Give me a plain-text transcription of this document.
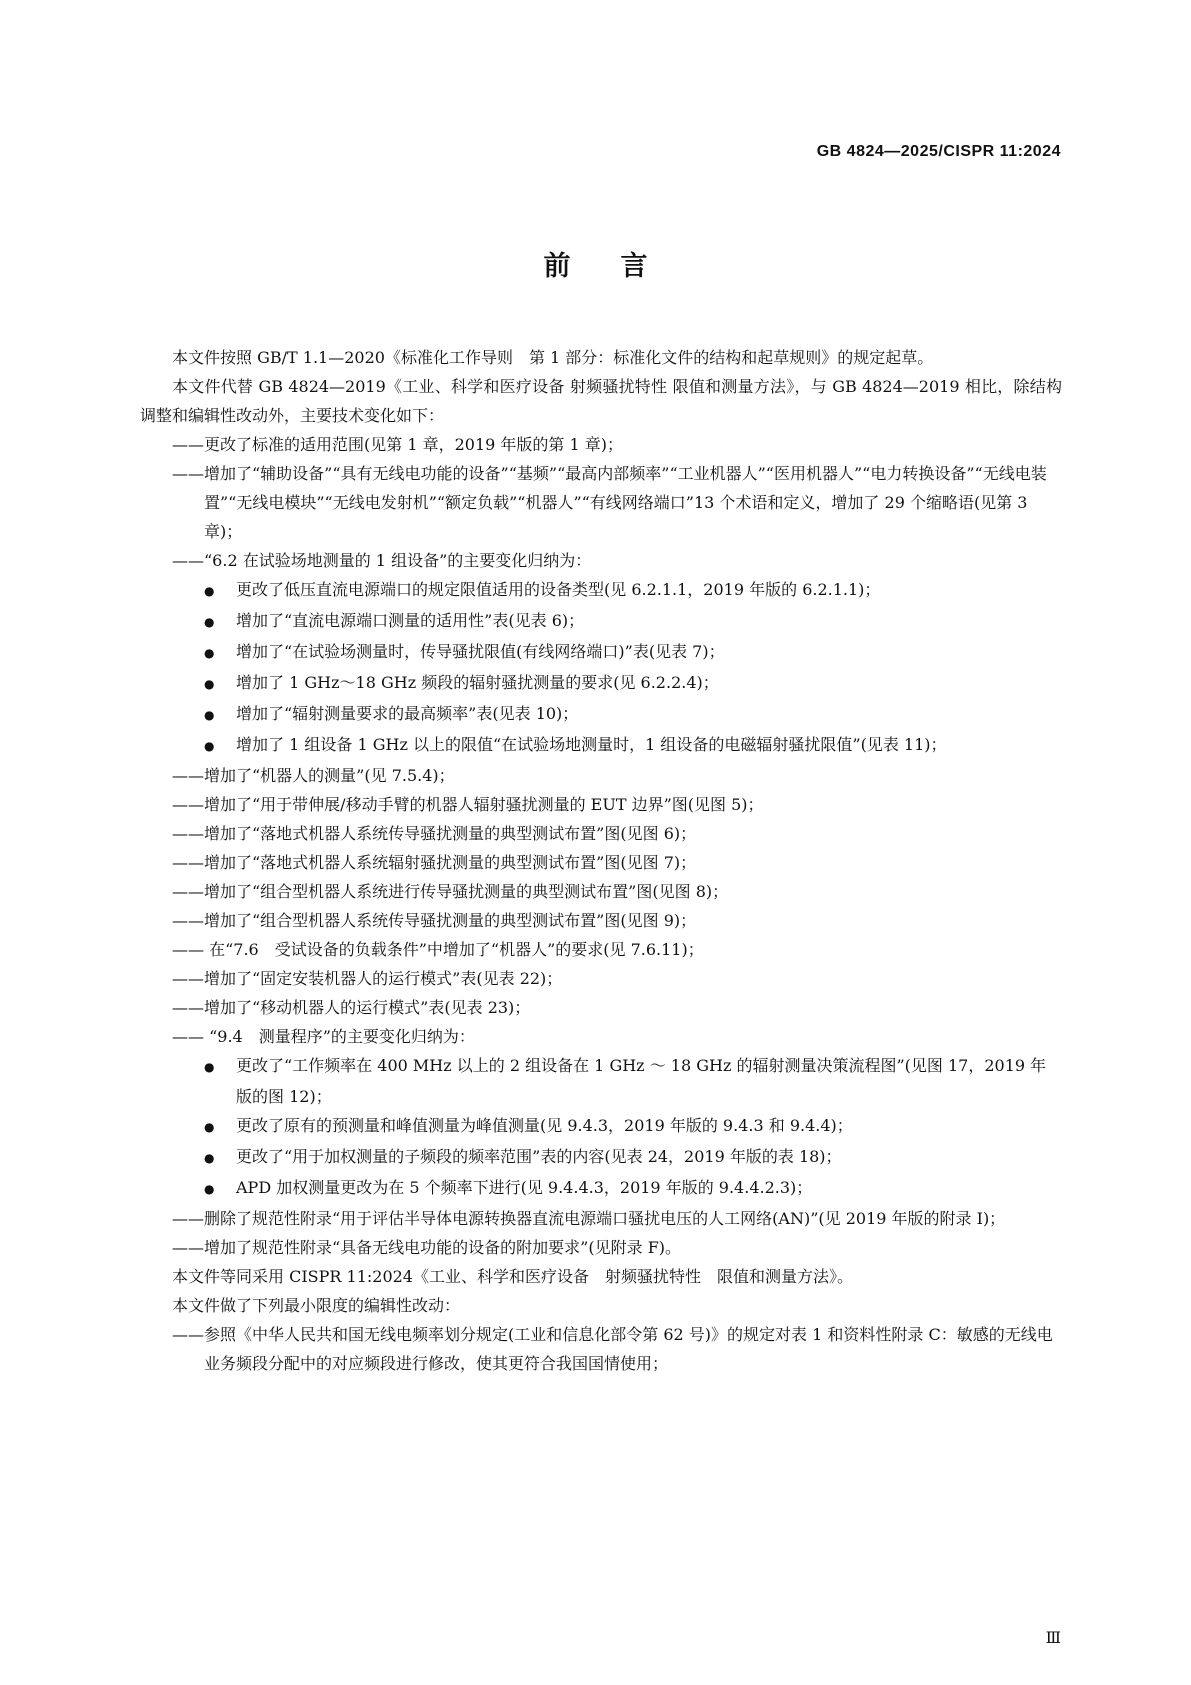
GB 4824—2025/CISPR 11:2024
前言

本文件按照 GB/T 1.1—2020《标准化工作导则　第 1 部分：标准化文件的结构和起草规则》的规定起草。

本文件代替 GB 4824—2019《工业、科学和医疗设备 射频骚扰特性 限值和测量方法》，与 GB 4824—2019 相比，除结构调整和编辑性改动外，主要技术变化如下：

——更改了标准的适用范围(见第 1 章，2019 年版的第 1 章)；

——增加了“辅助设备”“具有无线电功能的设备”“基频”“最高内部频率”“工业机器人”“医用机器人”“电力转换设备”“无线电装置”“无线电模块”“无线电发射机”“额定负载”“机器人”“有线网络端口”13 个术语和定义，增加了 29 个缩略语(见第 3 章)；

——“6.2 在试验场地测量的 1 组设备”的主要变化归纳为：

● 更改了低压直流电源端口的规定限值适用的设备类型(见 6.2.1.1，2019 年版的 6.2.1.1)；

● 增加了“直流电源端口测量的适用性”表(见表 6)；

● 增加了“在试验场测量时，传导骚扰限值(有线网络端口)”表(见表 7)；

● 增加了 1 GHz～18 GHz 频段的辐射骚扰测量的要求(见 6.2.2.4)；

● 增加了“辐射测量要求的最高频率”表(见表 10)；

● 增加了 1 组设备 1 GHz 以上的限值“在试验场地测量时，1 组设备的电磁辐射骚扰限值”(见表 11)；

——增加了“机器人的测量”(见 7.5.4)；

——增加了“用于带伸展/移动手臂的机器人辐射骚扰测量的 EUT 边界”图(见图 5)；

——增加了“落地式机器人系统传导骚扰测量的典型测试布置”图(见图 6)；

——增加了“落地式机器人系统辐射骚扰测量的典型测试布置”图(见图 7)；

——增加了“组合型机器人系统进行传导骚扰测量的典型测试布置”图(见图 8)；

——增加了“组合型机器人系统传导骚扰测量的典型测试布置”图(见图 9)；

—— 在“7.6　受试设备的负载条件”中增加了“机器人”的要求(见 7.6.11)；

——增加了“固定安装机器人的运行模式”表(见表 22)；

——增加了“移动机器人的运行模式”表(见表 23)；

—— “9.4　测量程序”的主要变化归纳为：

● 更改了“工作频率在 400 MHz 以上的 2 组设备在 1 GHz ～ 18 GHz 的辐射测量决策流程图”(见图 17，2019 年版的图 12)；

● 更改了原有的预测量和峰值测量为峰值测量(见 9.4.3，2019 年版的 9.4.3 和 9.4.4)；

● 更改了“用于加权测量的子频段的频率范围”表的内容(见表 24，2019 年版的表 18)；

● APD 加权测量更改为在 5 个频率下进行(见 9.4.4.3，2019 年版的 9.4.4.2.3)；

——删除了规范性附录“用于评估半导体电源转换器直流电源端口骚扰电压的人工网络(AN)”(见 2019 年版的附录 I)；

——增加了规范性附录“具备无线电功能的设备的附加要求”(见附录 F)。

本文件等同采用 CISPR 11:2024《工业、科学和医疗设备　射频骚扰特性　限值和测量方法》。

本文件做了下列最小限度的编辑性改动：

——参照《中华人民共和国无线电频率划分规定(工业和信息化部令第 62 号)》的规定对表 1 和资料性附录 C：敏感的无线电业务频段分配中的对应频段进行修改，使其更符合我国国情使用；

Ⅲ
